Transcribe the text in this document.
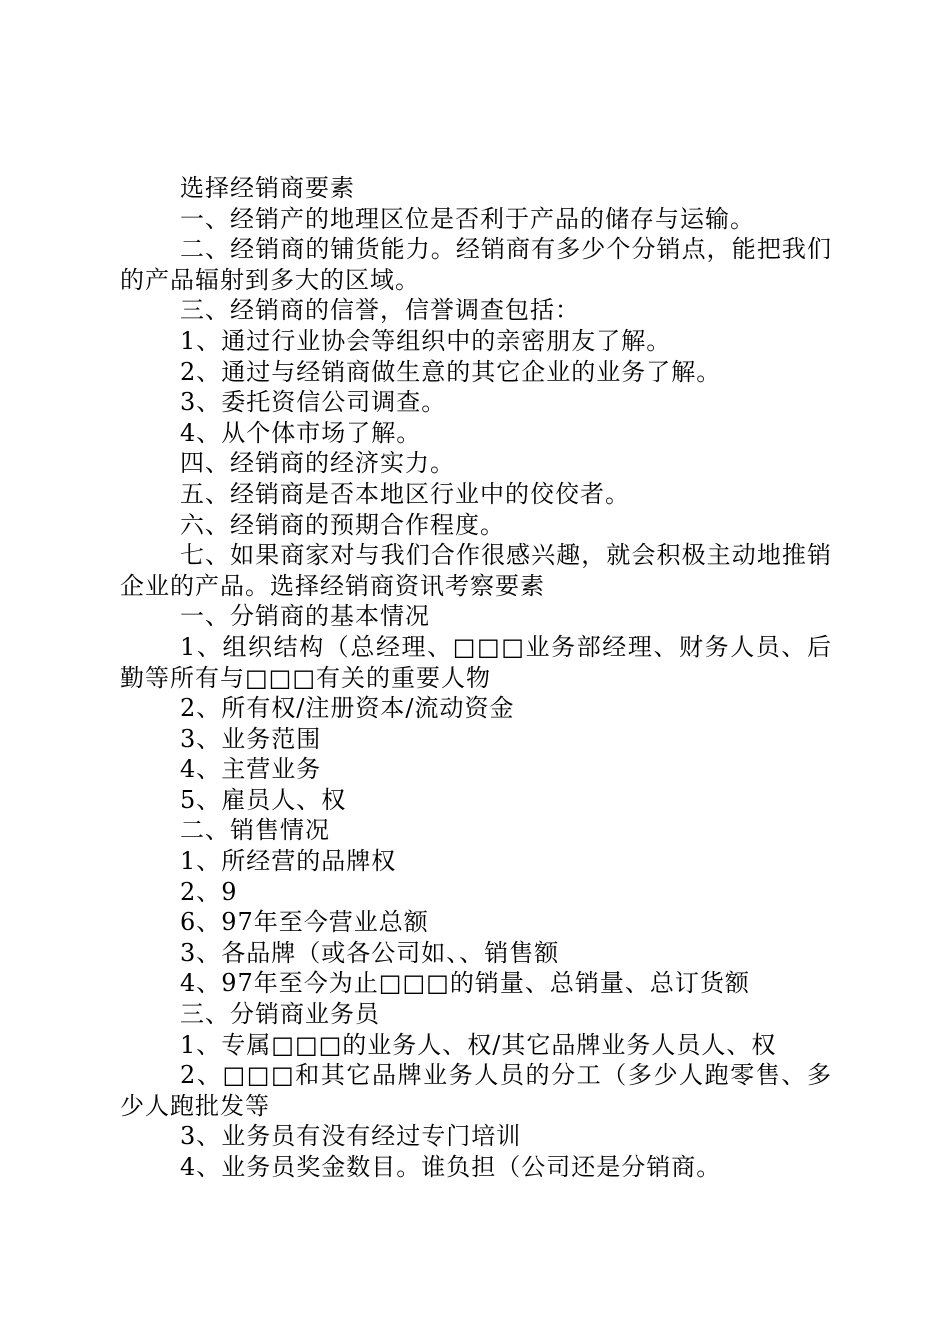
选择经销商要素

一、经销产的地理区位是否利于产品的储存与运输。

二、经销商的铺货能力。经销商有多少个分销点，能把我们的产品辐射到多大的区域。

三、经销商的信誉，信誉调查包括：

1、通过行业协会等组织中的亲密朋友了解。

2、通过与经销商做生意的其它企业的业务了解。

3、委托资信公司调查。

4、从个体市场了解。

四、经销商的经济实力。

五、经销商是否本地区行业中的佼佼者。

六、经销商的预期合作程度。

七、如果商家对与我们合作很感兴趣，就会积极主动地推销企业的产品。选择经销商资讯考察要素

一、分销商的基本情况

1、组织结构（总经理、□□□业务部经理、财务人员、后勤等所有与□□□有关的重要人物

2、所有权/注册资本/流动资金

3、业务范围

4、主营业务

5、雇员人、权

二、销售情况

1、所经营的品牌权

2、9

6、97年至今营业总额

3、各品牌（或各公司如、、销售额

4、97年至今为止□□□的销量、总销量、总订货额

三、分销商业务员

1、专属□□□的业务人、权/其它品牌业务人员人、权

2、□□□和其它品牌业务人员的分工（多少人跑零售、多少人跑批发等

3、业务员有没有经过专门培训

4、业务员奖金数目。谁负担（公司还是分销商。
